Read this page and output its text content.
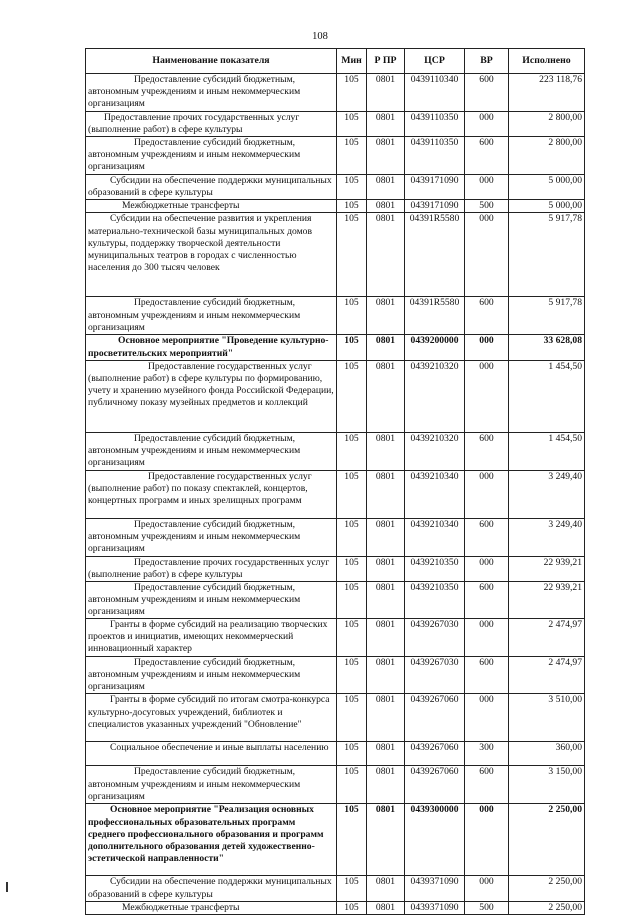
108
Наименование показателя	Мин	Р ПР	ЦСР	ВР	Исполнено

Предоставление субсидий бюджетным, автономным учреждениям и иным некоммерческим организациям	105	0801	0439110340	600	223 118,76

Предоставление прочих государственных услуг (выполнение работ) в сфере культуры	105	0801	0439110350	000	2 800,00

Предоставление субсидий бюджетным, автономным учреждениям и иным некоммерческим организациям	105	0801	0439110350	600	2 800,00

Субсидии на обеспечение поддержки муниципальных образований в сфере культуры	105	0801	0439171090	000	5 000,00

Межбюджетные трансферты	105	0801	0439171090	500	5 000,00

Субсидии на обеспечение развития и укрепления материально-технической базы муниципальных домов культуры, поддержку творческой деятельности муниципальных театров в городах с численностью населения до 300 тысяч человек	105	0801	04391R5580	000	5 917,78

Предоставление субсидий бюджетным, автономным учреждениям и иным некоммерческим организациям	105	0801	04391R5580	600	5 917,78

Основное мероприятие "Проведение культурно-просветительских мероприятий"	105	0801	0439200000	000	33 628,08

Предоставление государственных услуг (выполнение работ) в сфере культуры по формированию, учету и хранению музейного фонда Российской Федерации, публичному показу музейных предметов и коллекций	105	0801	0439210320	000	1 454,50

Предоставление субсидий бюджетным, автономным учреждениям и иным некоммерческим организациям	105	0801	0439210320	600	1 454,50

Предоставление государственных услуг (выполнение работ) по показу спектаклей, концертов, концертных программ и иных зрелищных программ	105	0801	0439210340	000	3 249,40

Предоставление субсидий бюджетным, автономным учреждениям и иным некоммерческим организациям	105	0801	0439210340	600	3 249,40

Предоставление прочих государственных услуг (выполнение работ) в сфере культуры	105	0801	0439210350	000	22 939,21

Предоставление субсидий бюджетным, автономным учреждениям и иным некоммерческим организациям	105	0801	0439210350	600	22 939,21

Гранты в форме субсидий на реализацию творческих проектов и инициатив, имеющих некоммерческий инновационный характер	105	0801	0439267030	000	2 474,97

Предоставление субсидий бюджетным, автономным учреждениям и иным некоммерческим организациям	105	0801	0439267030	600	2 474,97

Гранты в форме субсидий по итогам смотра-конкурса культурно-досуговых учреждений, библиотек и специалистов указанных учреждений "Обновление"	105	0801	0439267060	000	3 510,00

Социальное обеспечение и иные выплаты населению	105	0801	0439267060	300	360,00

Предоставление субсидий бюджетным, автономным учреждениям и иным некоммерческим организациям	105	0801	0439267060	600	3 150,00

Основное мероприятие "Реализация основных профессиональных образовательных программ среднего профессионального образования и программ дополнительного образования детей художественно-эстетической направленности"	105	0801	0439300000	000	2 250,00

Субсидии на обеспечение поддержки муниципальных образований в сфере культуры	105	0801	0439371090	000	2 250,00

Межбюджетные трансферты	105	0801	0439371090	500	2 250,00
